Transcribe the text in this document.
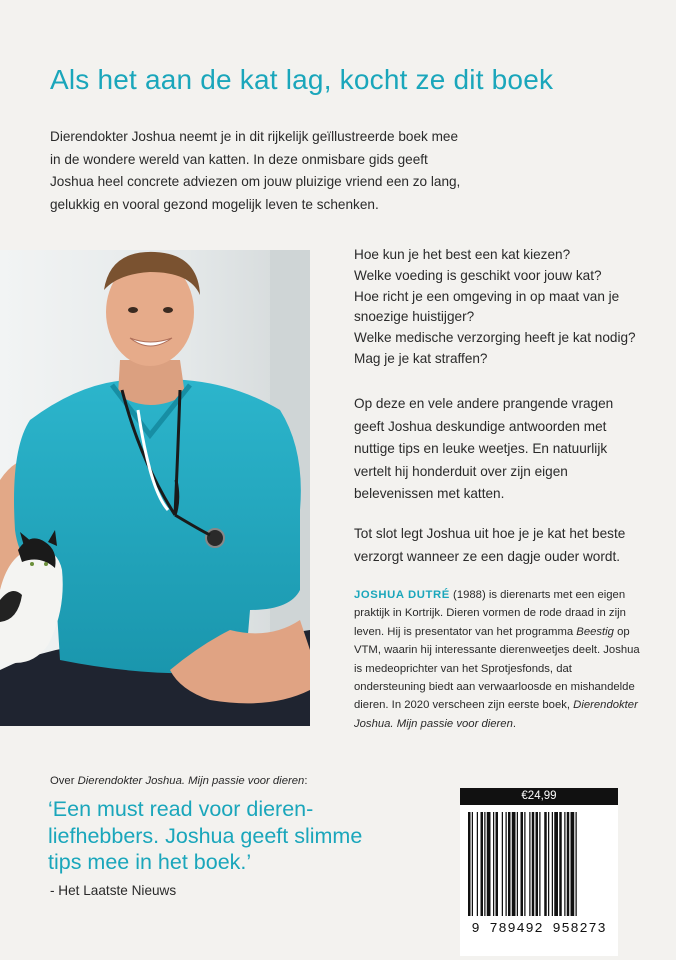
Als het aan de kat lag, kocht ze dit boek

Dierendokter Joshua neemt je in dit rijkelijk geïllustreerde boek mee in de wondere wereld van katten. In deze onmisbare gids geeft Joshua heel concrete adviezen om jouw pluizige vriend een zo lang, gelukkig en vooral gezond mogelijk leven te schenken.

Hoe kun je het best een kat kiezen?
Welke voeding is geschikt voor jouw kat?
Hoe richt je een omgeving in op maat van je snoezige huistijger?
Welke medische verzorging heeft je kat nodig?
Mag je je kat straffen?

Op deze en vele andere prangende vragen geeft Joshua deskundige antwoorden met nuttige tips en leuke weetjes. En natuurlijk vertelt hij honderduit over zijn eigen belevenissen met katten.

Tot slot legt Joshua uit hoe je je kat het beste verzorgt wanneer ze een dagje ouder wordt.

JOSHUA DUTRÉ (1988) is dierenarts met een eigen praktijk in Kortrijk. Dieren vormen de rode draad in zijn leven. Hij is presentator van het programma Beestig op VTM, waarin hij interessante dierenweetjes deelt. Joshua is medeoprichter van het Sprotjesfonds, dat ondersteuning biedt aan verwaarloosde en mishandelde dieren. In 2020 verscheen zijn eerste boek, Dierendokter Joshua. Mijn passie voor dieren.

Over Dierendokter Joshua. Mijn passie voor dieren:

‘Een must read voor dieren-liefhebbers. Joshua geeft slimme tips mee in het boek.’

- Het Laatste Nieuws

€24,99
9 789492 958273
